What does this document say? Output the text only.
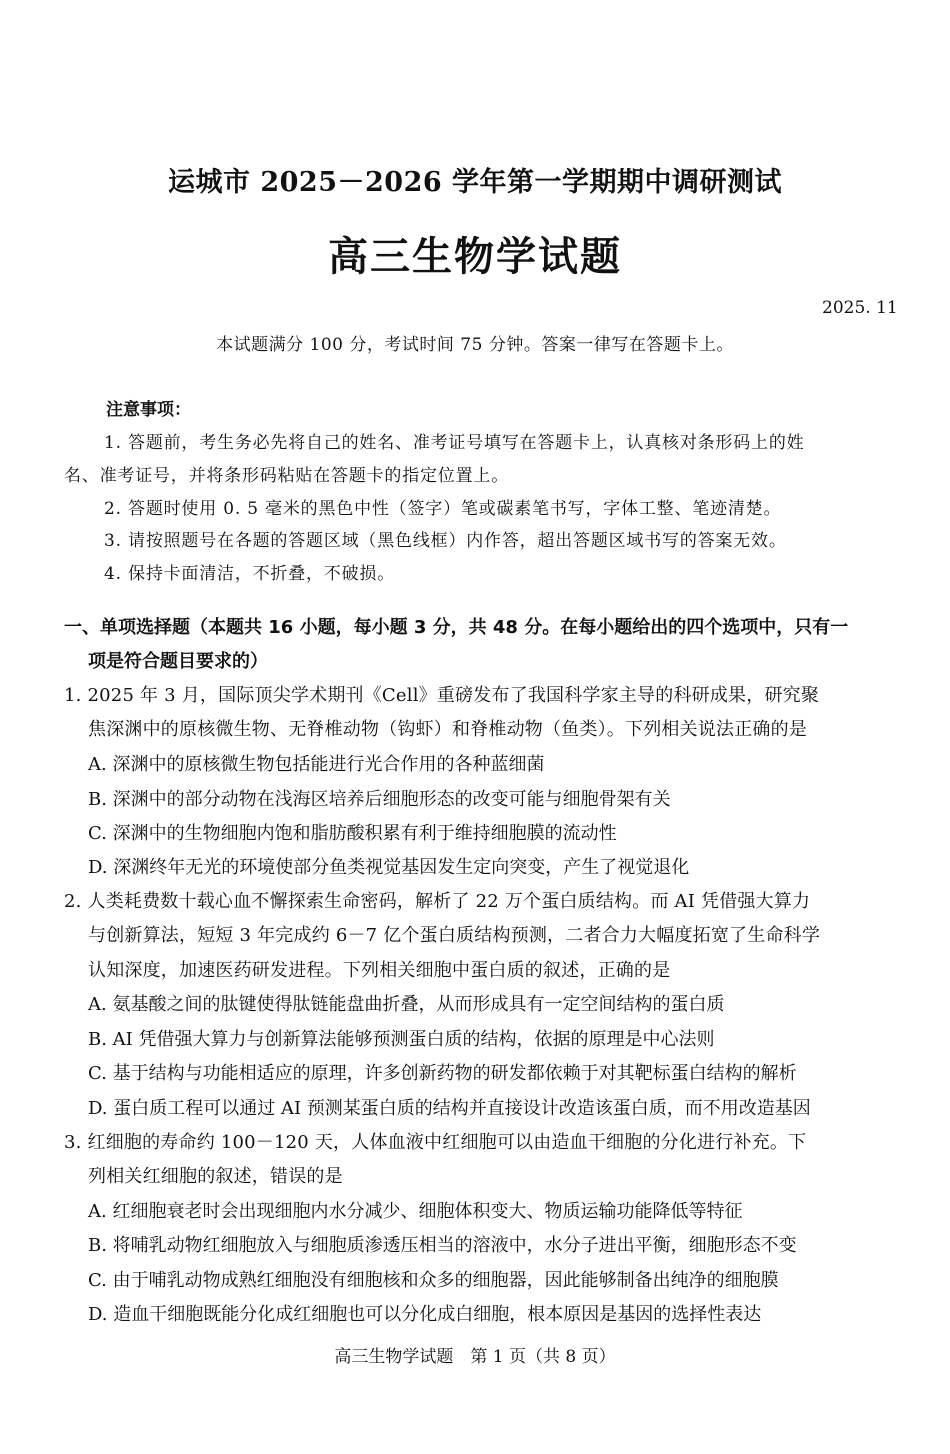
运城市 2025－2026 学年第一学期期中调研测试
高三生物学试题
2025. 11
本试题满分 100 分，考试时间 75 分钟。答案一律写在答题卡上。
注意事项：
1. 答题前，考生务必先将自己的姓名、准考证号填写在答题卡上，认真核对条形码上的姓
名、准考证号，并将条形码粘贴在答题卡的指定位置上。
2. 答题时使用 0. 5 毫米的黑色中性（签字）笔或碳素笔书写，字体工整、笔迹清楚。
3. 请按照题号在各题的答题区域（黑色线框）内作答，超出答题区域书写的答案无效。
4. 保持卡面清洁，不折叠，不破损。
一、单项选择题（本题共 16 小题，每小题 3 分，共 48 分。在每小题给出的四个选项中，只有一
项是符合题目要求的）
1. 2025 年 3 月，国际顶尖学术期刊《Cell》重磅发布了我国科学家主导的科研成果，研究聚
焦深渊中的原核微生物、无脊椎动物（钩虾）和脊椎动物（鱼类）。下列相关说法正确的是
A. 深渊中的原核微生物包括能进行光合作用的各种蓝细菌
B. 深渊中的部分动物在浅海区培养后细胞形态的改变可能与细胞骨架有关
C. 深渊中的生物细胞内饱和脂肪酸积累有利于维持细胞膜的流动性
D. 深渊终年无光的环境使部分鱼类视觉基因发生定向突变，产生了视觉退化
2. 人类耗费数十载心血不懈探索生命密码，解析了 22 万个蛋白质结构。而 AI 凭借强大算力
与创新算法，短短 3 年完成约 6－7 亿个蛋白质结构预测，二者合力大幅度拓宽了生命科学
认知深度，加速医药研发进程。下列相关细胞中蛋白质的叙述，正确的是
A. 氨基酸之间的肽键使得肽链能盘曲折叠，从而形成具有一定空间结构的蛋白质
B. AI 凭借强大算力与创新算法能够预测蛋白质的结构，依据的原理是中心法则
C. 基于结构与功能相适应的原理，许多创新药物的研发都依赖于对其靶标蛋白结构的解析
D. 蛋白质工程可以通过 AI 预测某蛋白质的结构并直接设计改造该蛋白质，而不用改造基因
3. 红细胞的寿命约 100－120 天，人体血液中红细胞可以由造血干细胞的分化进行补充。下
列相关红细胞的叙述，错误的是
A. 红细胞衰老时会出现细胞内水分减少、细胞体积变大、物质运输功能降低等特征
B. 将哺乳动物红细胞放入与细胞质渗透压相当的溶液中，水分子进出平衡，细胞形态不变
C. 由于哺乳动物成熟红细胞没有细胞核和众多的细胞器，因此能够制备出纯净的细胞膜
D. 造血干细胞既能分化成红细胞也可以分化成白细胞，根本原因是基因的选择性表达
高三生物学试题　第 1 页（共 8 页）
